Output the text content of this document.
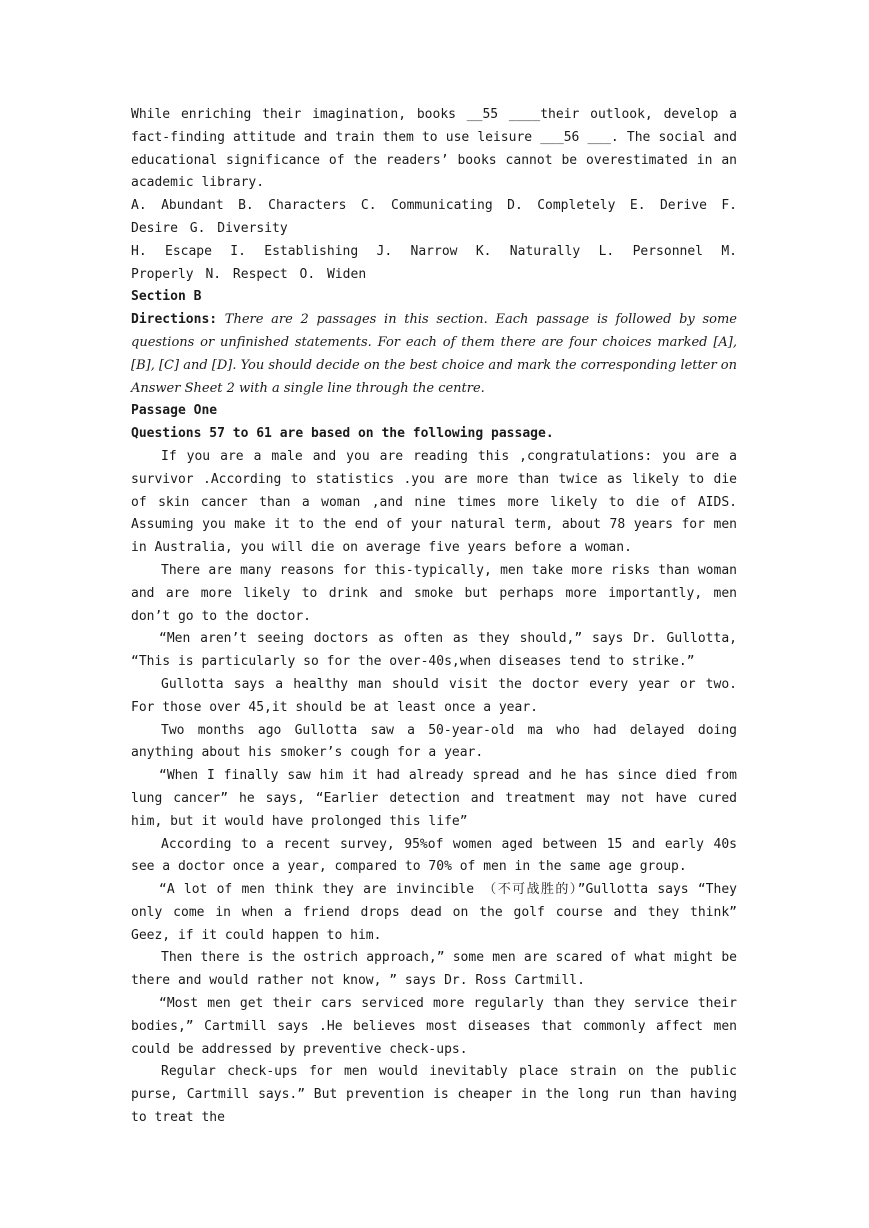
While enriching their imagination, books __55 ____their outlook, develop a fact-finding attitude and train them to use leisure ___56 ___. The social and educational significance of the readers’ books cannot be overestimated in an academic library.

A. Abundant B. Characters C. Communicating D. Completely E. Derive F. Desire G. Diversity

H. Escape I. Establishing J. Narrow K. Naturally L. Personnel M. Properly N. Respect O. Widen

Section B

Directions: There are 2 passages in this section. Each passage is followed by some questions or unfinished statements. For each of them there are four choices marked [A], [B], [C] and [D]. You should decide on the best choice and mark the corresponding letter on Answer Sheet 2 with a single line through the centre.

Passage One

Questions 57 to 61 are based on the following passage.

If you are a male and you are reading this ,congratulations: you are a survivor .According to statistics .you are more than twice as likely to die of skin cancer than a woman ,and nine times more likely to die of AIDS. Assuming you make it to the end of your natural term, about 78 years for men in Australia, you will die on average five years before a woman.

There are many reasons for this-typically, men take more risks than woman and are more likely to drink and smoke but perhaps more importantly, men don’t go to the doctor.

“Men aren’t seeing doctors as often as they should,” says Dr. Gullotta, “This is particularly so for the over-40s,when diseases tend to strike.”

Gullotta says a healthy man should visit the doctor every year or two. For those over 45,it should be at least once a year.

Two months ago Gullotta saw a 50-year-old ma who had delayed doing anything about his smoker’s cough for a year.

“When I finally saw him it had already spread and he has since died from lung cancer” he says, “Earlier detection and treatment may not have cured him, but it would have prolonged this life”

According to a recent survey, 95%of women aged between 15 and early 40s see a doctor once a year, compared to 70% of men in the same age group.

“A lot of men think they are invincible （不可战胜的）”Gullotta says “They only come in when a friend drops dead on the golf course and they think” Geez, if it could happen to him.

Then there is the ostrich approach,” some men are scared of what might be there and would rather not know, ” says Dr. Ross Cartmill.

“Most men get their cars serviced more regularly than they service their bodies,” Cartmill says .He believes most diseases that commonly affect men could be addressed by preventive check-ups.

Regular check-ups for men would inevitably place strain on the public purse, Cartmill says.” But prevention is cheaper in the long run than having to treat the
